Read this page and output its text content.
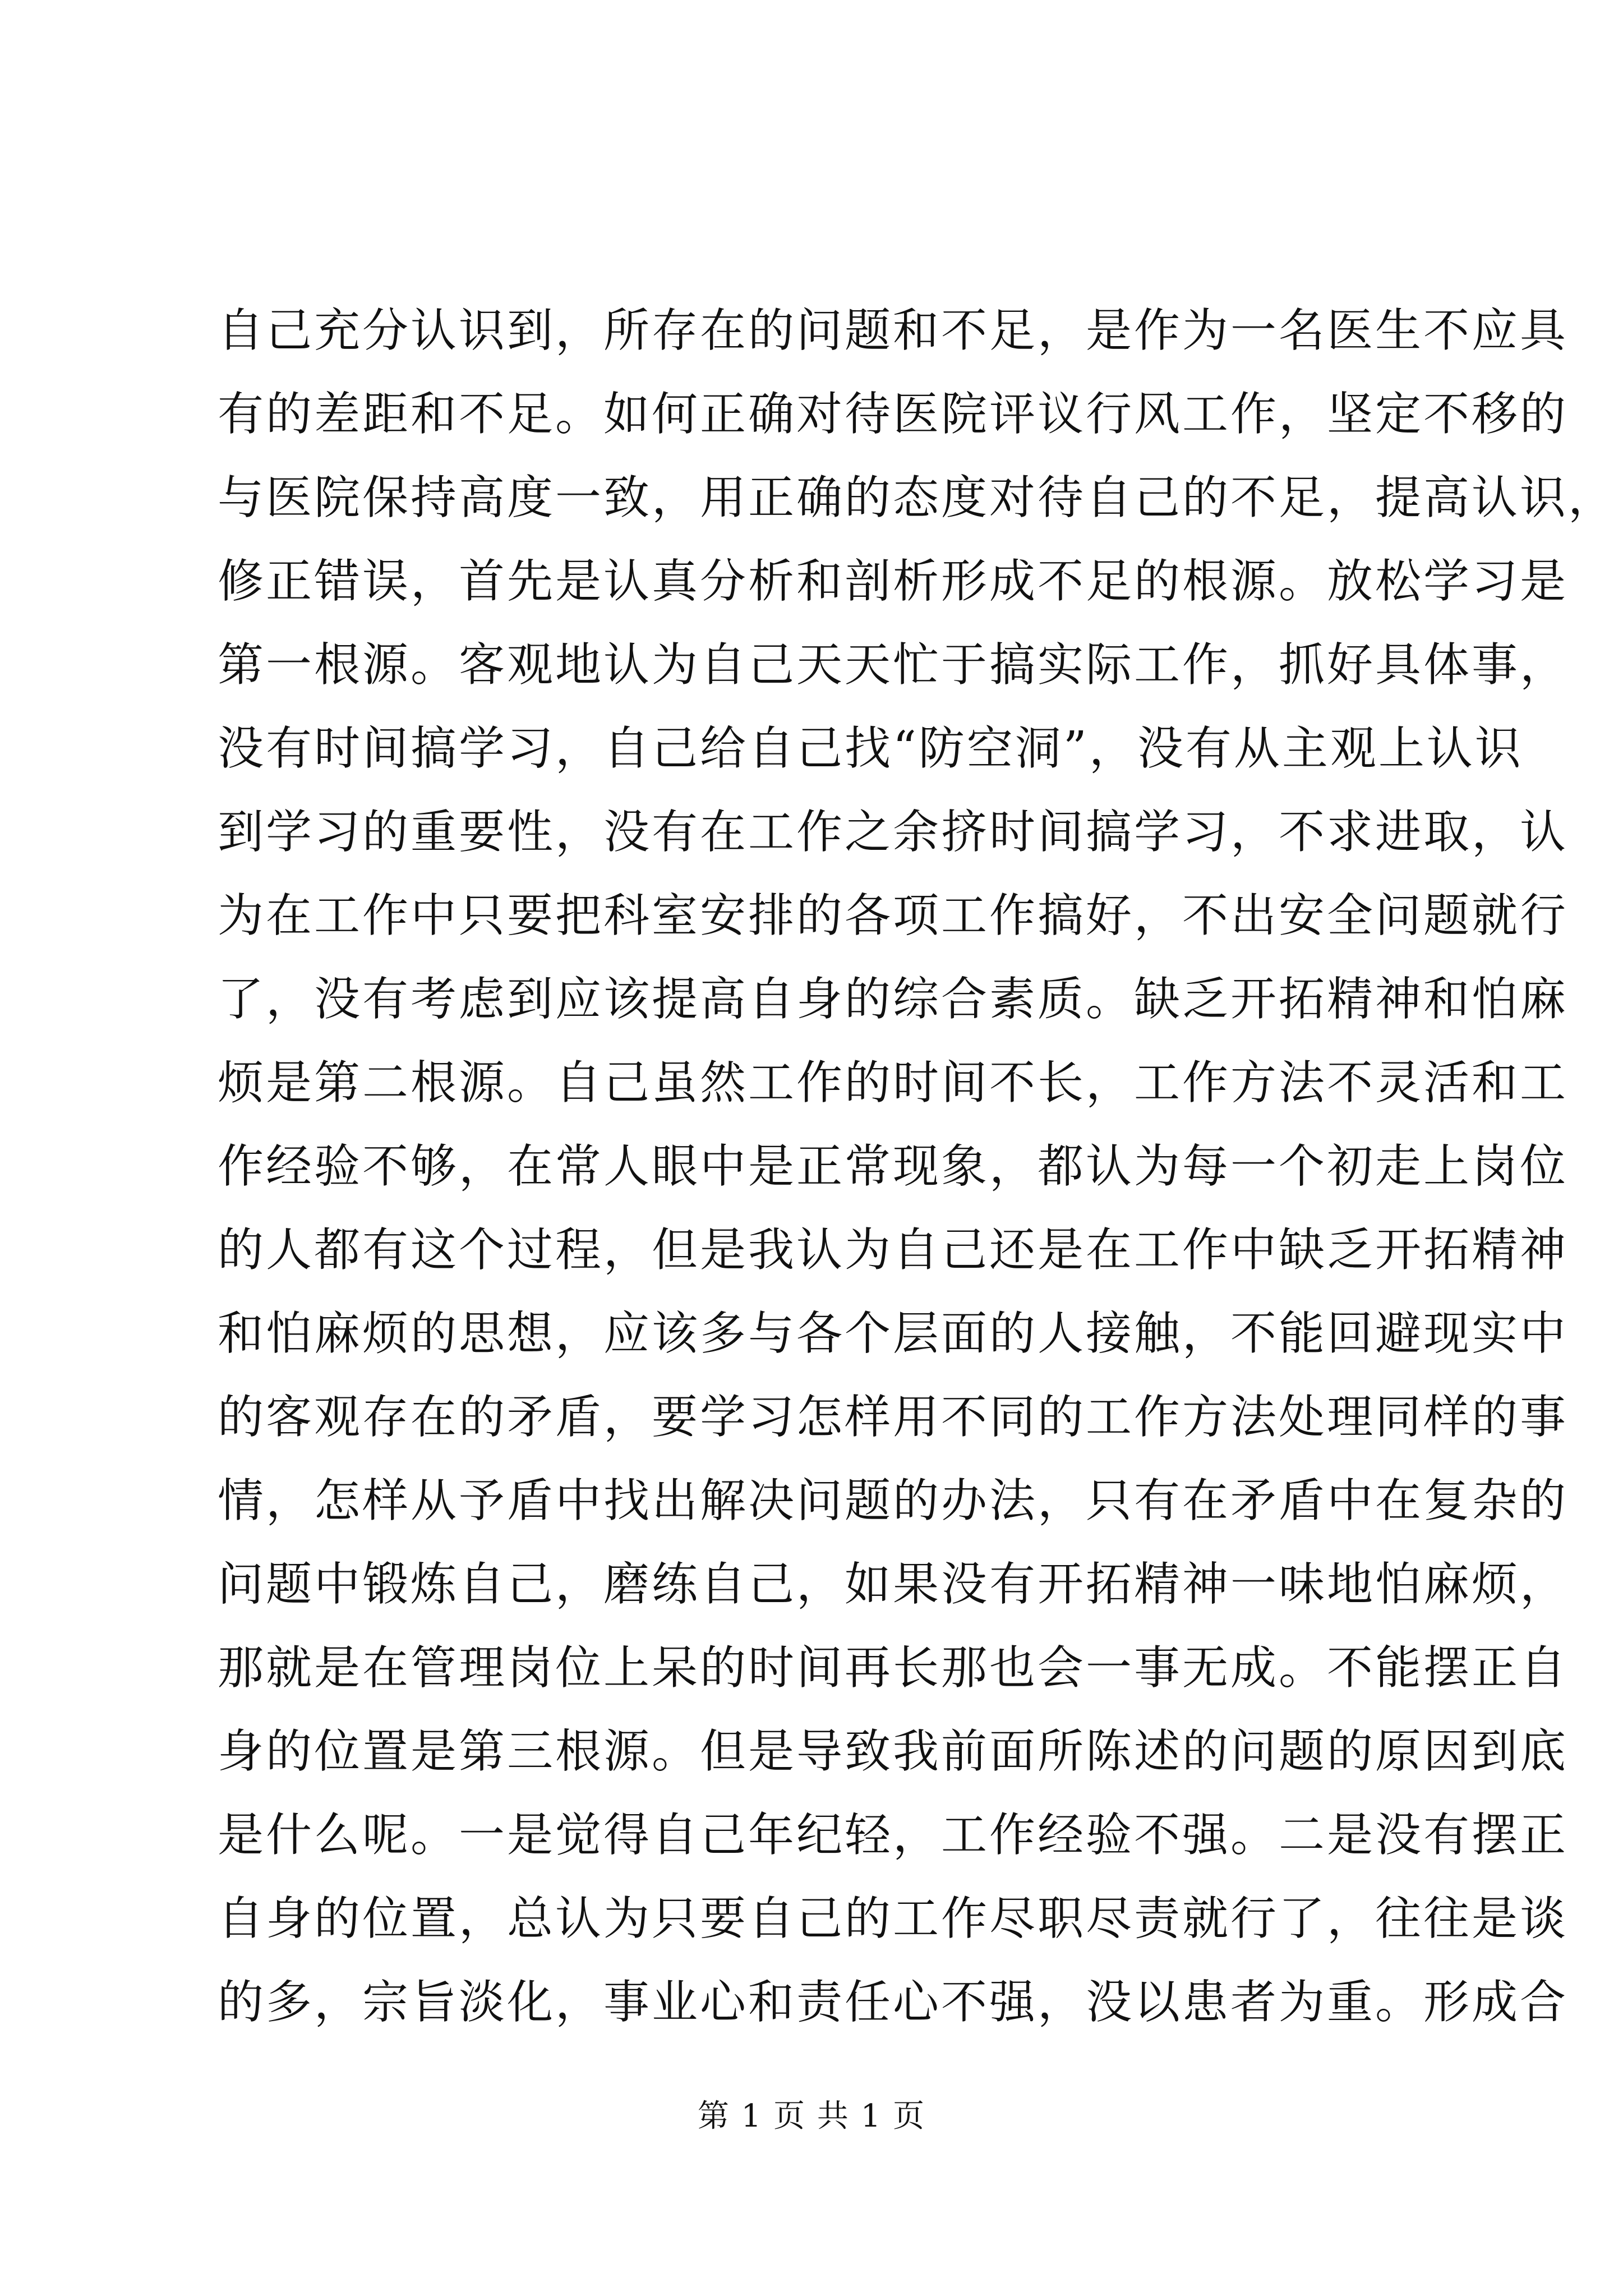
自己充分认识到，所存在的问题和不足，是作为一名医生不应具
有的差距和不足。如何正确对待医院评议行风工作，坚定不移的
与医院保持高度一致，用正确的态度对待自己的不足，提高认识，
修正错误，首先是认真分析和剖析形成不足的根源。放松学习是
第一根源。客观地认为自己天天忙于搞实际工作，抓好具体事，
没有时间搞学习，自己给自己找“防空洞”，没有从主观上认识
到学习的重要性，没有在工作之余挤时间搞学习，不求进取，认
为在工作中只要把科室安排的各项工作搞好，不出安全问题就行
了，没有考虑到应该提高自身的综合素质。缺乏开拓精神和怕麻
烦是第二根源。自己虽然工作的时间不长，工作方法不灵活和工
作经验不够，在常人眼中是正常现象，都认为每一个初走上岗位
的人都有这个过程，但是我认为自己还是在工作中缺乏开拓精神
和怕麻烦的思想，应该多与各个层面的人接触，不能回避现实中
的客观存在的矛盾，要学习怎样用不同的工作方法处理同样的事
情，怎样从予盾中找出解决问题的办法，只有在矛盾中在复杂的
问题中锻炼自己，磨练自己，如果没有开拓精神一味地怕麻烦，
那就是在管理岗位上呆的时间再长那也会一事无成。不能摆正自
身的位置是第三根源。但是导致我前面所陈述的问题的原因到底
是什么呢。一是觉得自己年纪轻，工作经验不强。二是没有摆正
自身的位置，总认为只要自己的工作尽职尽责就行了，往往是谈
的多，宗旨淡化，事业心和责任心不强，没以患者为重。形成合
第 1 页 共 1 页
